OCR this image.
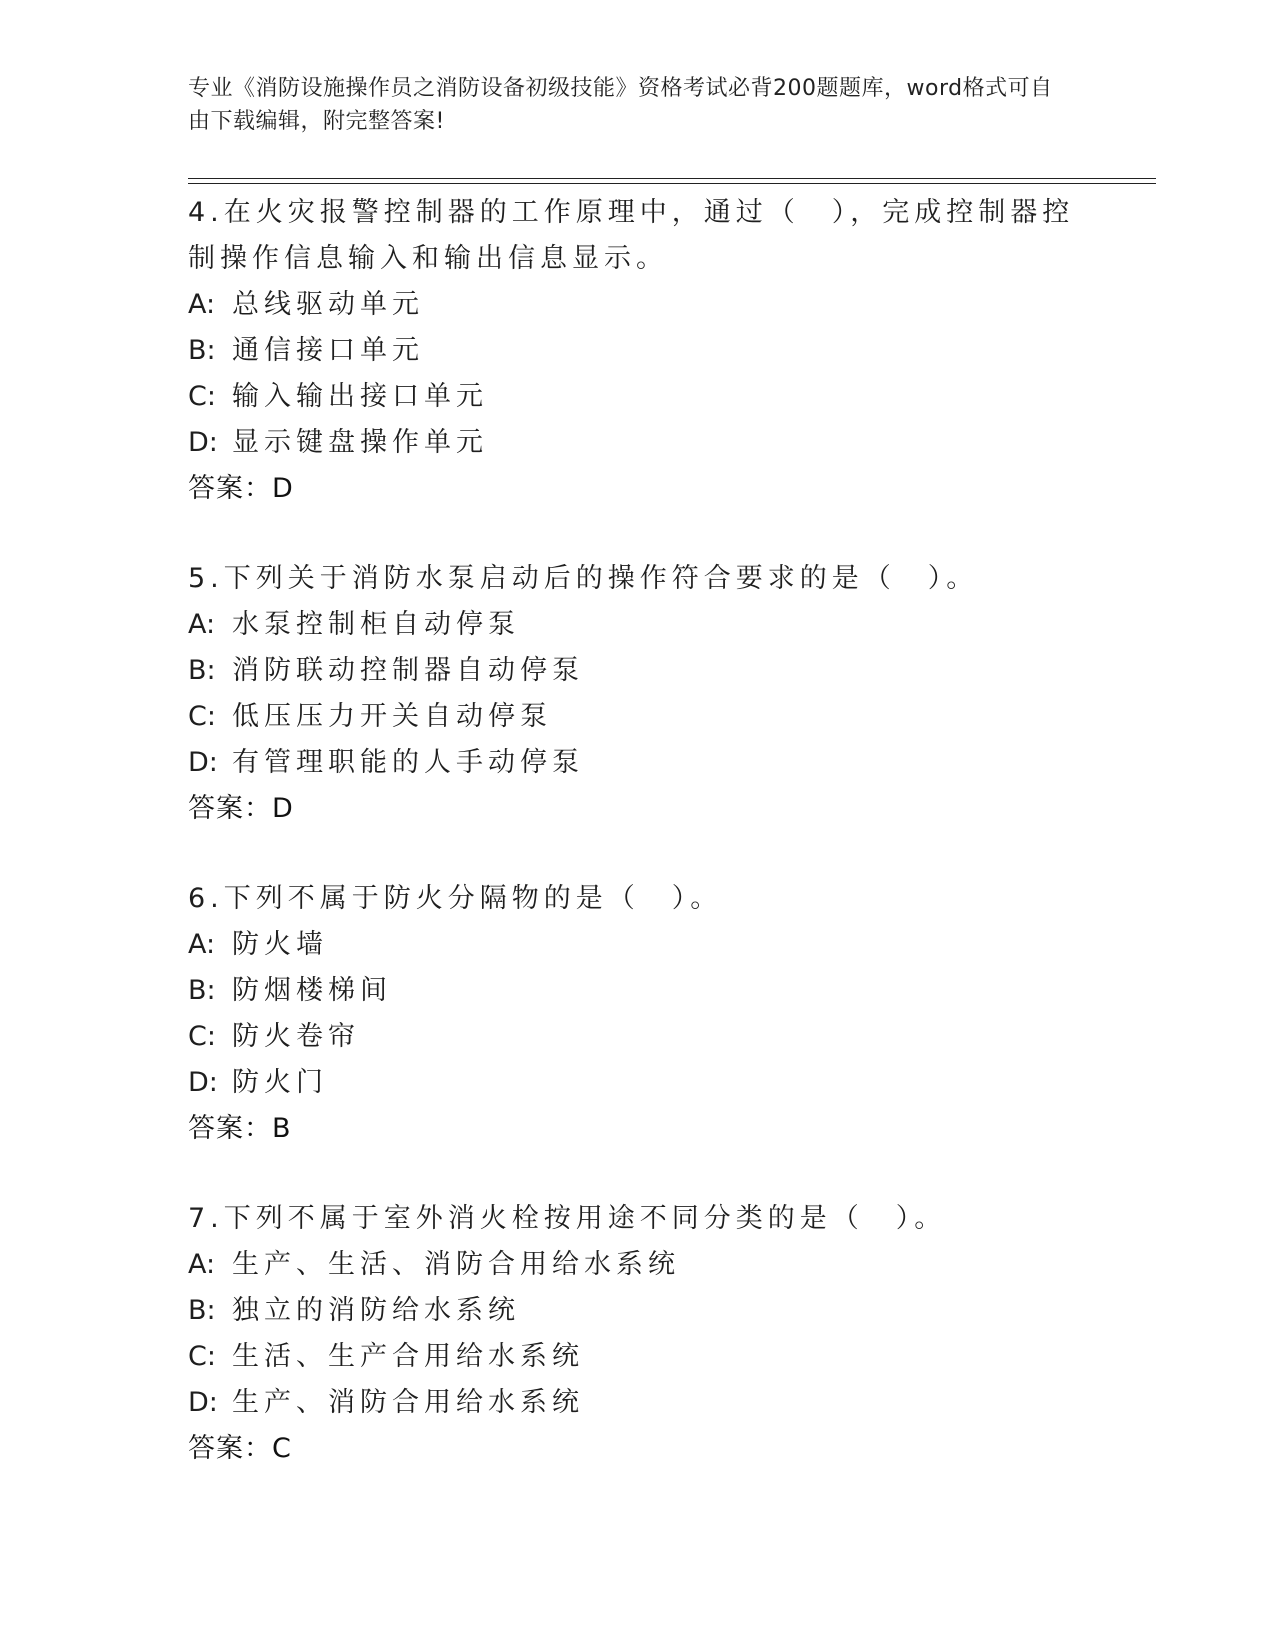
专业《消防设施操作员之消防设备初级技能》资格考试必背200题题库，word格式可自由下载编辑，附完整答案!
4.在火灾报警控制器的工作原理中，通过（　），完成控制器控制操作信息输入和输出信息显示。
A: 总线驱动单元
B: 通信接口单元
C: 输入输出接口单元
D: 显示键盘操作单元
答案：D
5.下列关于消防水泵启动后的操作符合要求的是（　）。
A: 水泵控制柜自动停泵
B: 消防联动控制器自动停泵
C: 低压压力开关自动停泵
D: 有管理职能的人手动停泵
答案：D
6.下列不属于防火分隔物的是（　）。
A: 防火墙
B: 防烟楼梯间
C: 防火卷帘
D: 防火门
答案：B
7.下列不属于室外消火栓按用途不同分类的是（　）。
A: 生产、生活、消防合用给水系统
B: 独立的消防给水系统
C: 生活、生产合用给水系统
D: 生产、消防合用给水系统
答案：C
